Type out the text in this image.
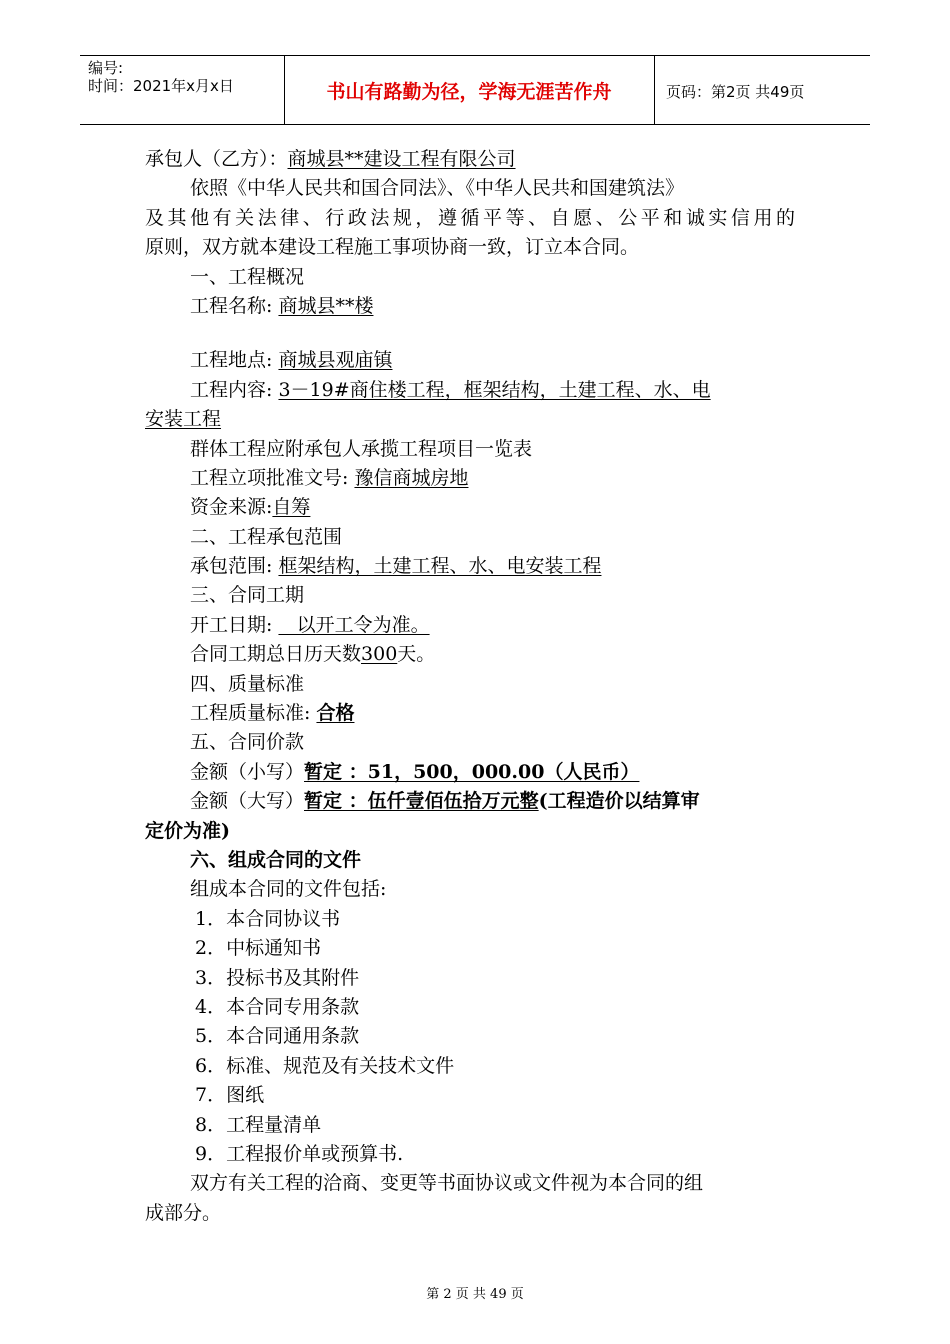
编号:
时间：2021年x月x日	书山有路勤为径，学海无涯苦作舟	页码：第2页 共49页
承包人（乙方）：商城县**建设工程有限公司
依照《中华人民共和国合同法》、《中华人民共和国建筑法》
及其他有关法律、行政法规，遵循平等、自愿、公平和诚实信用的
原则，双方就本建设工程施工事项协商一致，订立本合同。
一、工程概况
工程名称: 商城县**楼
工程地点: 商城县观庙镇
工程内容: 3－19#商住楼工程，框架结构，土建工程、水、电
安装工程
群体工程应附承包人承揽工程项目一览表
工程立项批准文号: 豫信商城房地
资金来源:自筹
二、工程承包范围
承包范围: 框架结构，土建工程、水、电安装工程
三、合同工期
开工日期:    以开工令为准。
合同工期总日历天数300天。
四、质量标准
工程质量标准: 合格
五、合同价款
金额（小写）暂定 ：51，500，000.00（人民币）
金额（大写）暂定 ：伍仟壹佰伍拾万元整(工程造价以结算审
定价为准)
六、组成合同的文件
组成本合同的文件包括:
1．本合同协议书
2．中标通知书
3．投标书及其附件
4．本合同专用条款
5．本合同通用条款
6．标准、规范及有关技术文件
7．图纸
8．工程量清单
9．工程报价单或预算书.
双方有关工程的洽商、变更等书面协议或文件视为本合同的组
成部分。
第 2 页 共 49 页
